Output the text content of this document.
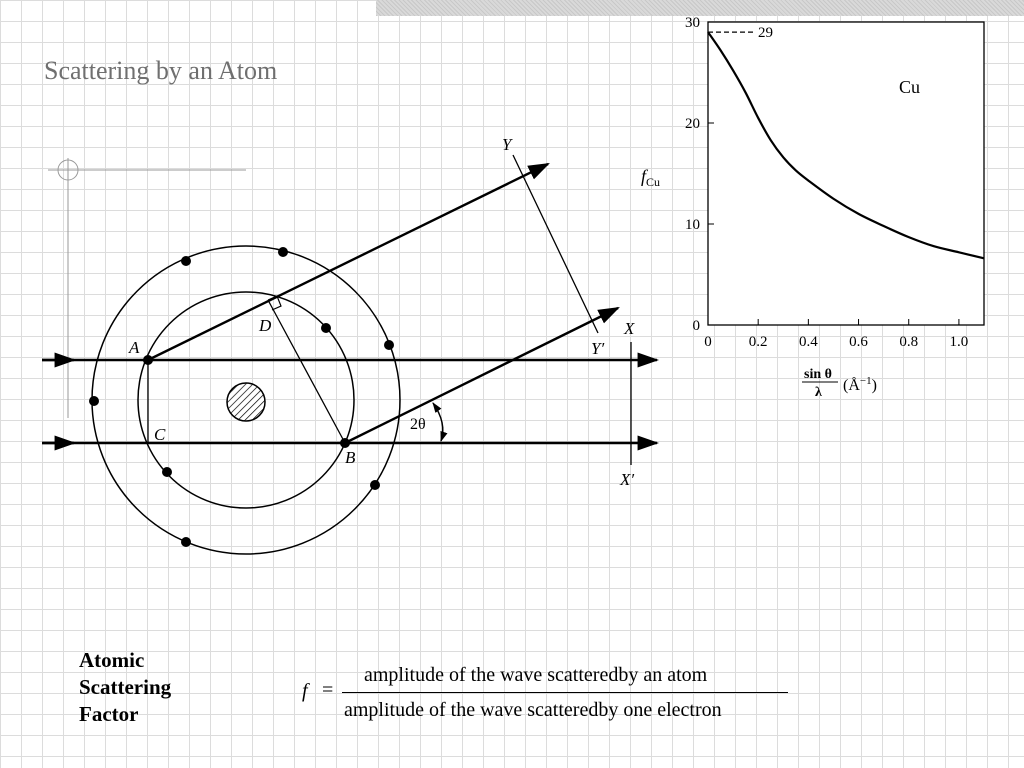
Scattering by an Atom
A
B
C
D	X
X′
Y
Y′
2θ
0 0.2 0.4 0.6 0.8 1.0
0
10
20
30
29
Cu
$f_{Cu}$
sin θ
λ $(Å^{-1})$
Atomic
Scattering
Factor
f =
amplitude of the wave scatteredby an atom
amplitude of the wave scatteredby one electron
